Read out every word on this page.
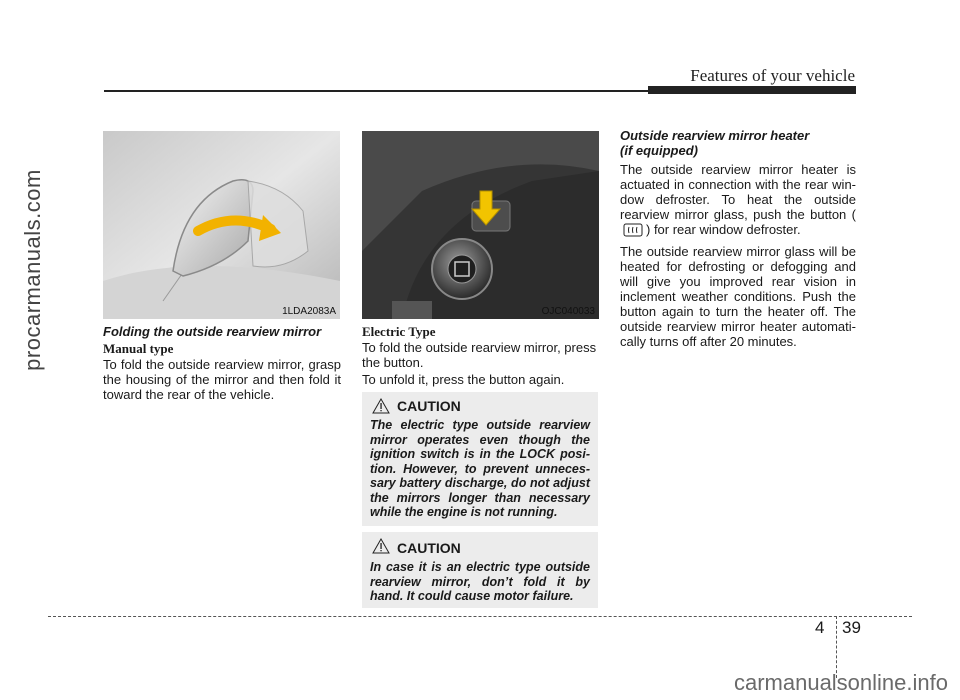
procarmanuals.com
Features of your vehicle
1LDA2083A	OJC040033

Folding the outside rearview mirror

Manual type

To fold the outside rearview mirror, grasp the housing of the mirror and then fold it toward the rear of the vehicle.

Electric Type

To fold the outside rearview mirror, press the button.

To unfold it, press the button again.

CAUTION
The electric type outside rearview mirror operates even though the ignition switch is in the LOCK posi-tion. However, to prevent unneces-sary battery discharge, do not adjust the mirrors longer than necessary while the engine is not running.
CAUTION
In case it is an electric type outside rearview mirror, don’t fold it by hand. It could cause motor failure.

Outside rearview mirror heater

(if equipped)

The outside rearview mirror heater is actuated in connection with the rear win-dow defroster. To heat the outside rearview mirror glass, push the button () for rear window defroster.

The outside rearview mirror glass will be heated for defrosting or defogging and will give you improved rear vision in inclement weather conditions. Push the button again to turn the heater off. The outside rearview mirror heater automati-cally turns off after 20 minutes.

4 39
carmanualsonline.info
